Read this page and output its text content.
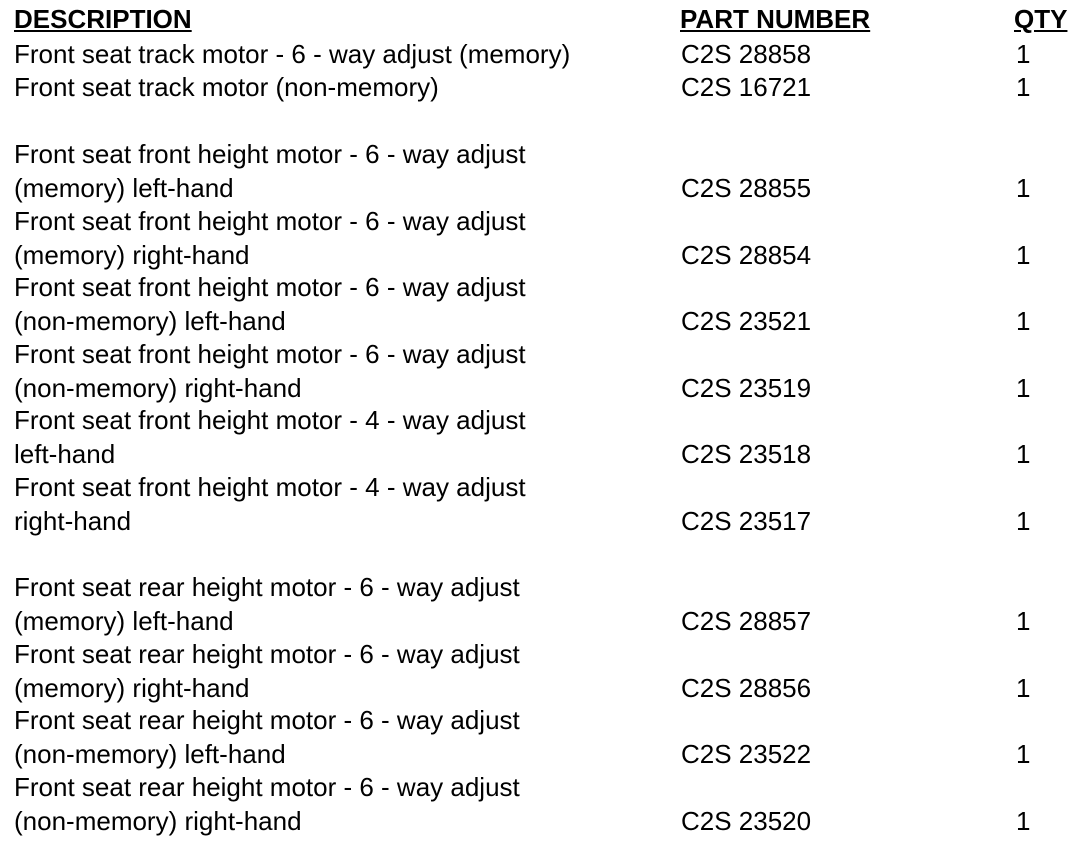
DESCRIPTION	PART NUMBER	QTY
Front seat track motor - 6 - way adjust (memory)	C2S 28858	1
Front seat track motor (non-memory)	C2S 16721	1
Front seat front height motor - 6 - way adjust
(memory) left-hand	C2S 28855	1
Front seat front height motor - 6 - way adjust
(memory) right-hand	C2S 28854	1
Front seat front height motor - 6 - way adjust
(non-memory) left-hand	C2S 23521	1
Front seat front height motor - 6 - way adjust
(non-memory) right-hand	C2S 23519	1
Front seat front height motor - 4 - way adjust
left-hand	C2S 23518	1
Front seat front height motor - 4 - way adjust
right-hand	C2S 23517	1
Front seat rear height motor - 6 - way adjust
(memory) left-hand	C2S 28857	1
Front seat rear height motor - 6 - way adjust
(memory) right-hand	C2S 28856	1
Front seat rear height motor - 6 - way adjust
(non-memory) left-hand	C2S 23522	1
Front seat rear height motor - 6 - way adjust
(non-memory) right-hand	C2S 23520	1
